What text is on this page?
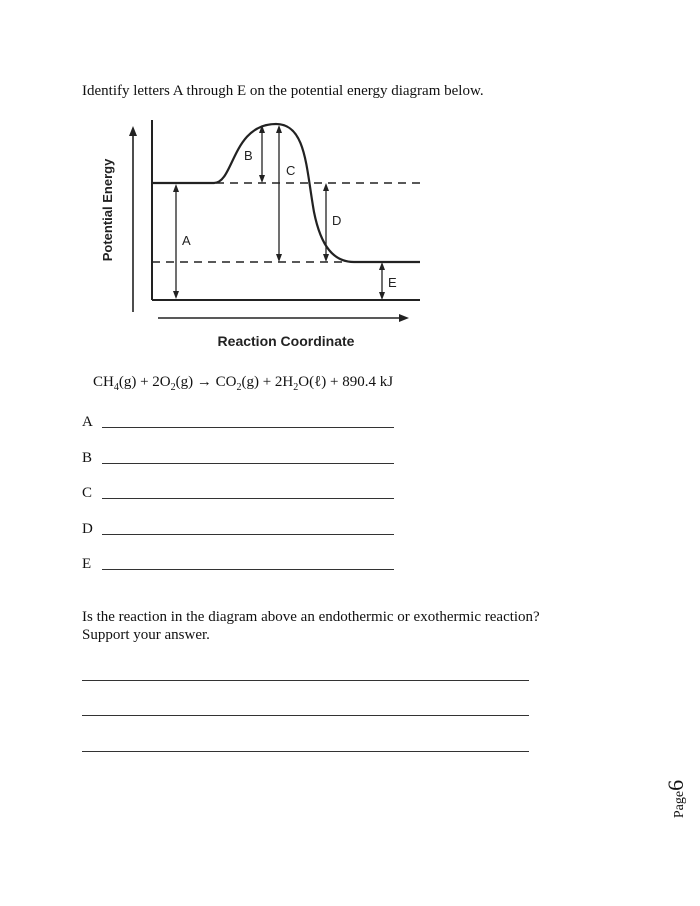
Identify letters A through E on the potential energy diagram below.
Potential Energy	A
B
C
D
E
Reaction Coordinate
$CH_4(g) + 2O_2(g) \to CO_2(g)$ + $2H_2O(\ell) + 890.4$ kJ
A
B
C
D
E
Is the reaction in the diagram above an endothermic or exothermic reaction? Support your answer.
Page6
